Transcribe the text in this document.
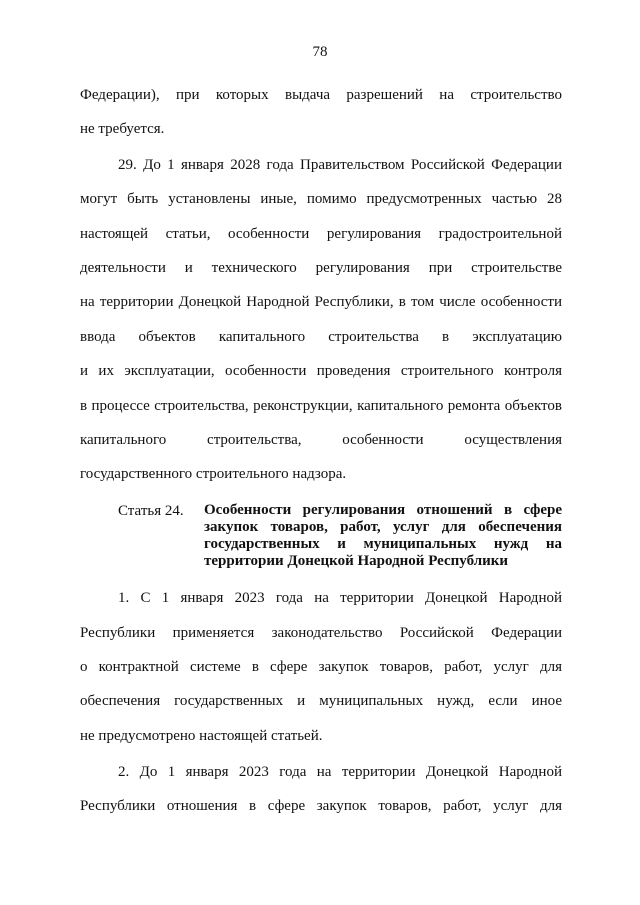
78
Федерации), при которых выдача разрешений на строительство
не требуется.
29. До 1 января 2028 года Правительством Российской Федерации
могут быть установлены иные, помимо предусмотренных частью 28
настоящей статьи, особенности регулирования градостроительной
деятельности и технического регулирования при строительстве
на территории Донецкой Народной Республики, в том числе особенности
ввода объектов капитального строительства в эксплуатацию
и их эксплуатации, особенности проведения строительного контроля
в процессе строительства, реконструкции, капитального ремонта объектов
капитального строительства, особенности осуществления
государственного строительного надзора.
Статья 24. Особенности регулирования отношений в сфере
закупок товаров, работ, услуг для обеспечения
государственных и муниципальных нужд на
территории Донецкой Народной Республики
1. С 1 января 2023 года на территории Донецкой Народной
Республики применяется законодательство Российской Федерации
о контрактной системе в сфере закупок товаров, работ, услуг для
обеспечения государственных и муниципальных нужд, если иное
не предусмотрено настоящей статьей.
2. До 1 января 2023 года на территории Донецкой Народной
Республики отношения в сфере закупок товаров, работ, услуг для
